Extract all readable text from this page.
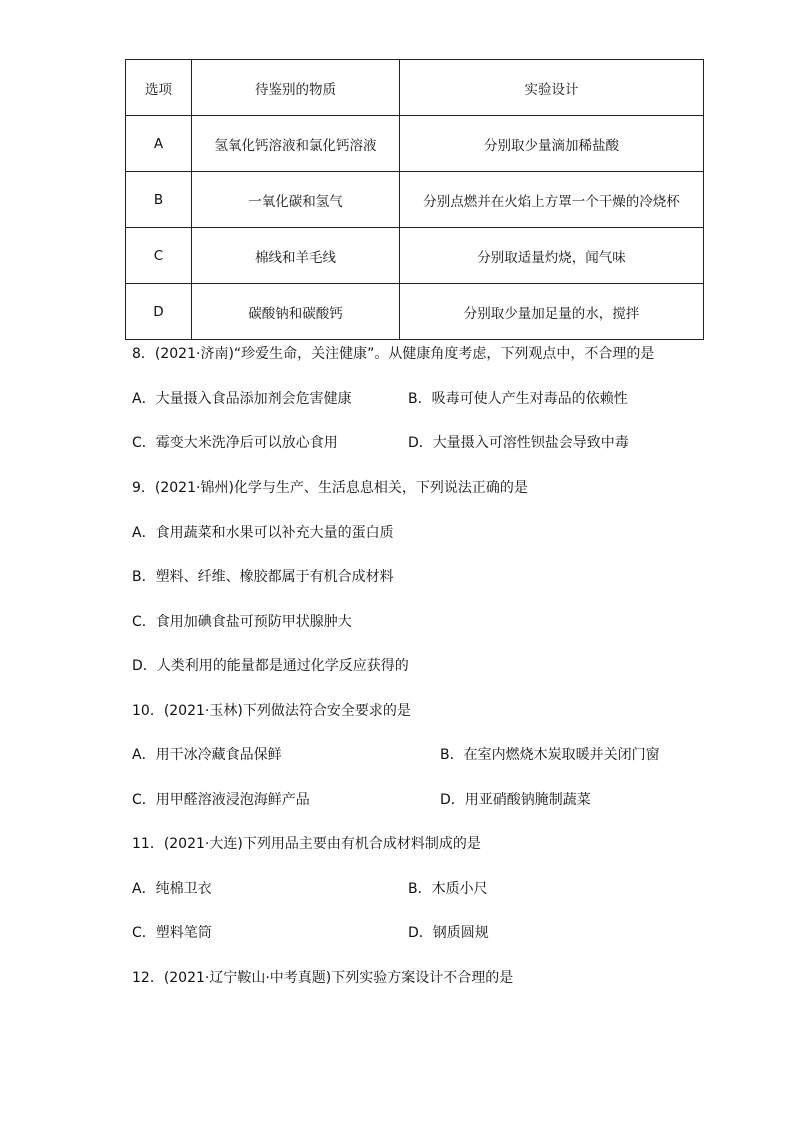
选项	待鉴别的物质	实验设计
A	氢氧化钙溶液和氯化钙溶液	分别取少量滴加稀盐酸
B	一氧化碳和氢气	分别点燃并在火焰上方罩一个干燥的冷烧杯
C	棉线和羊毛线	分别取适量灼烧，闻气味
D	碳酸钠和碳酸钙	分别取少量加足量的水，搅拌
8．(2021·济南)“珍爱生命，关注健康”。从健康角度考虑，下列观点中，不合理的是
A．大量摄入食品添加剂会危害健康	B．吸毒可使人产生对毒品的依赖性
C．霉变大米洗净后可以放心食用	D．大量摄入可溶性钡盐会导致中毒
9．(2021·锦州)化学与生产、生活息息相关，下列说法正确的是
A．食用蔬菜和水果可以补充大量的蛋白质
B．塑料、纤维、橡胶都属于有机合成材料
C．食用加碘食盐可预防甲状腺肿大
D．人类利用的能量都是通过化学反应获得的
10．(2021·玉林)下列做法符合安全要求的是
A．用干冰冷藏食品保鲜	B．在室内燃烧木炭取暖并关闭门窗
C．用甲醛溶液浸泡海鲜产品	D．用亚硝酸钠腌制蔬菜
11．(2021·大连)下列用品主要由有机合成材料制成的是
A．纯棉卫衣	B．木质小尺
C．塑料笔筒	D．钢质圆规
12．(2021·辽宁鞍山·中考真题)下列实验方案设计不合理的是
